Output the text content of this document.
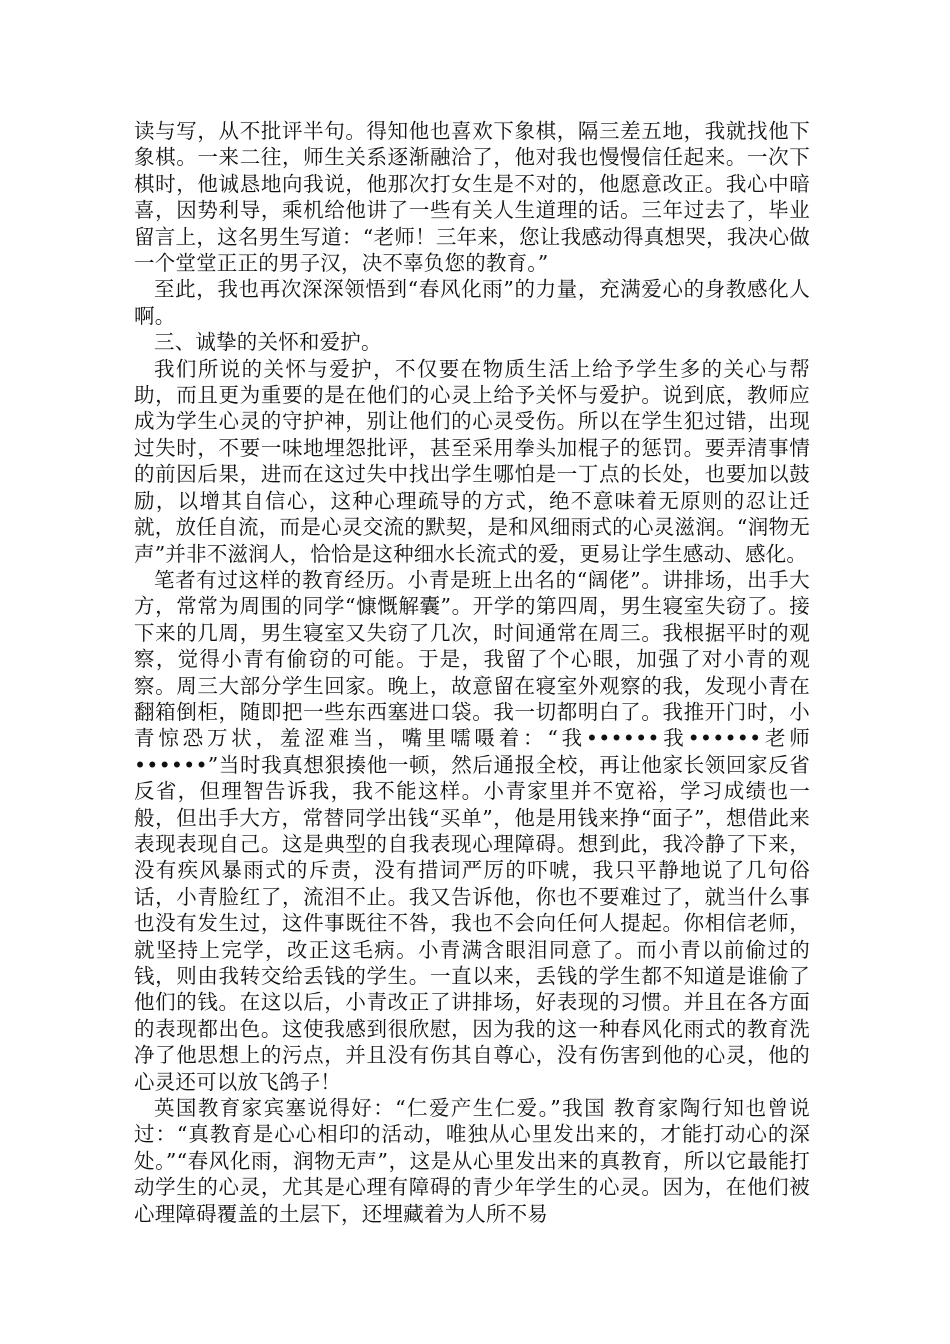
读与写，从不批评半句。得知他也喜欢下象棋，隔三差五地，我就找他下象棋。一来二往，师生关系逐渐融洽了，他对我也慢慢信任起来。一次下棋时，他诚恳地向我说，他那次打女生是不对的，他愿意改正。我心中暗喜，因势利导，乘机给他讲了一些有关人生道理的话。三年过去了，毕业留言上，这名男生写道：“老师！三年来，您让我感动得真想哭，我决心做一个堂堂正正的男子汉，决不辜负您的教育。”

至此，我也再次深深领悟到“春风化雨”的力量，充满爱心的身教感化人啊。

三、诚挚的关怀和爱护。

我们所说的关怀与爱护，不仅要在物质生活上给予学生多的关心与帮助，而且更为重要的是在他们的心灵上给予关怀与爱护。说到底，教师应成为学生心灵的守护神，别让他们的心灵受伤。所以在学生犯过错，出现过失时，不要一味地埋怨批评，甚至采用拳头加棍子的惩罚。要弄清事情的前因后果，进而在这过失中找出学生哪怕是一丁点的长处，也要加以鼓励，以增其自信心，这种心理疏导的方式，绝不意味着无原则的忍让迁就，放任自流，而是心灵交流的默契，是和风细雨式的心灵滋润。“润物无声”并非不滋润人，恰恰是这种细水长流式的爱，更易让学生感动、感化。

笔者有过这样的教育经历。小青是班上出名的“阔佬”。讲排场，出手大方，常常为周围的同学“慷慨解囊”。开学的第四周，男生寝室失窃了。接下来的几周，男生寝室又失窃了几次，时间通常在周三。我根据平时的观察，觉得小青有偷窃的可能。于是，我留了个心眼，加强了对小青的观察。周三大部分学生回家。晚上，故意留在寝室外观察的我，发现小青在翻箱倒柜，随即把一些东西塞进口袋。我一切都明白了。我推开门时，小青惊恐万状，羞涩难当，嘴里嚅嗫着：“我••••••我••••••老师••••••”当时我真想狠揍他一顿，然后通报全校，再让他家长领回家反省反省，但理智告诉我，我不能这样。小青家里并不宽裕，学习成绩也一般，但出手大方，常替同学出钱“买单”，他是用钱来挣“面子”，想借此来表现表现自己。这是典型的自我表现心理障碍。想到此，我冷静了下来，没有疾风暴雨式的斥责，没有措词严厉的吓唬，我只平静地说了几句俗话，小青脸红了，流泪不止。我又告诉他，你也不要难过了，就当什么事也没有发生过，这件事既往不咎，我也不会向任何人提起。你相信老师，就坚持上完学，改正这毛病。小青满含眼泪同意了。而小青以前偷过的钱，则由我转交给丢钱的学生。一直以来，丢钱的学生都不知道是谁偷了他们的钱。在这以后，小青改正了讲排场，好表现的习惯。并且在各方面的表现都出色。这使我感到很欣慰，因为我的这一种春风化雨式的教育洗净了他思想上的污点，并且没有伤其自尊心，没有伤害到他的心灵，他的心灵还可以放飞鸽子！

英国教育家宾塞说得好：“仁爱产生仁爱。”我国 教育家陶行知也曾说过：“真教育是心心相印的活动，唯独从心里发出来的，才能打动心的深处。”“春风化雨，润物无声”，这是从心里发出来的真教育，所以它最能打动学生的心灵，尤其是心理有障碍的青少年学生的心灵。因为，在他们被心理障碍覆盖的土层下，还埋藏着为人所不易
